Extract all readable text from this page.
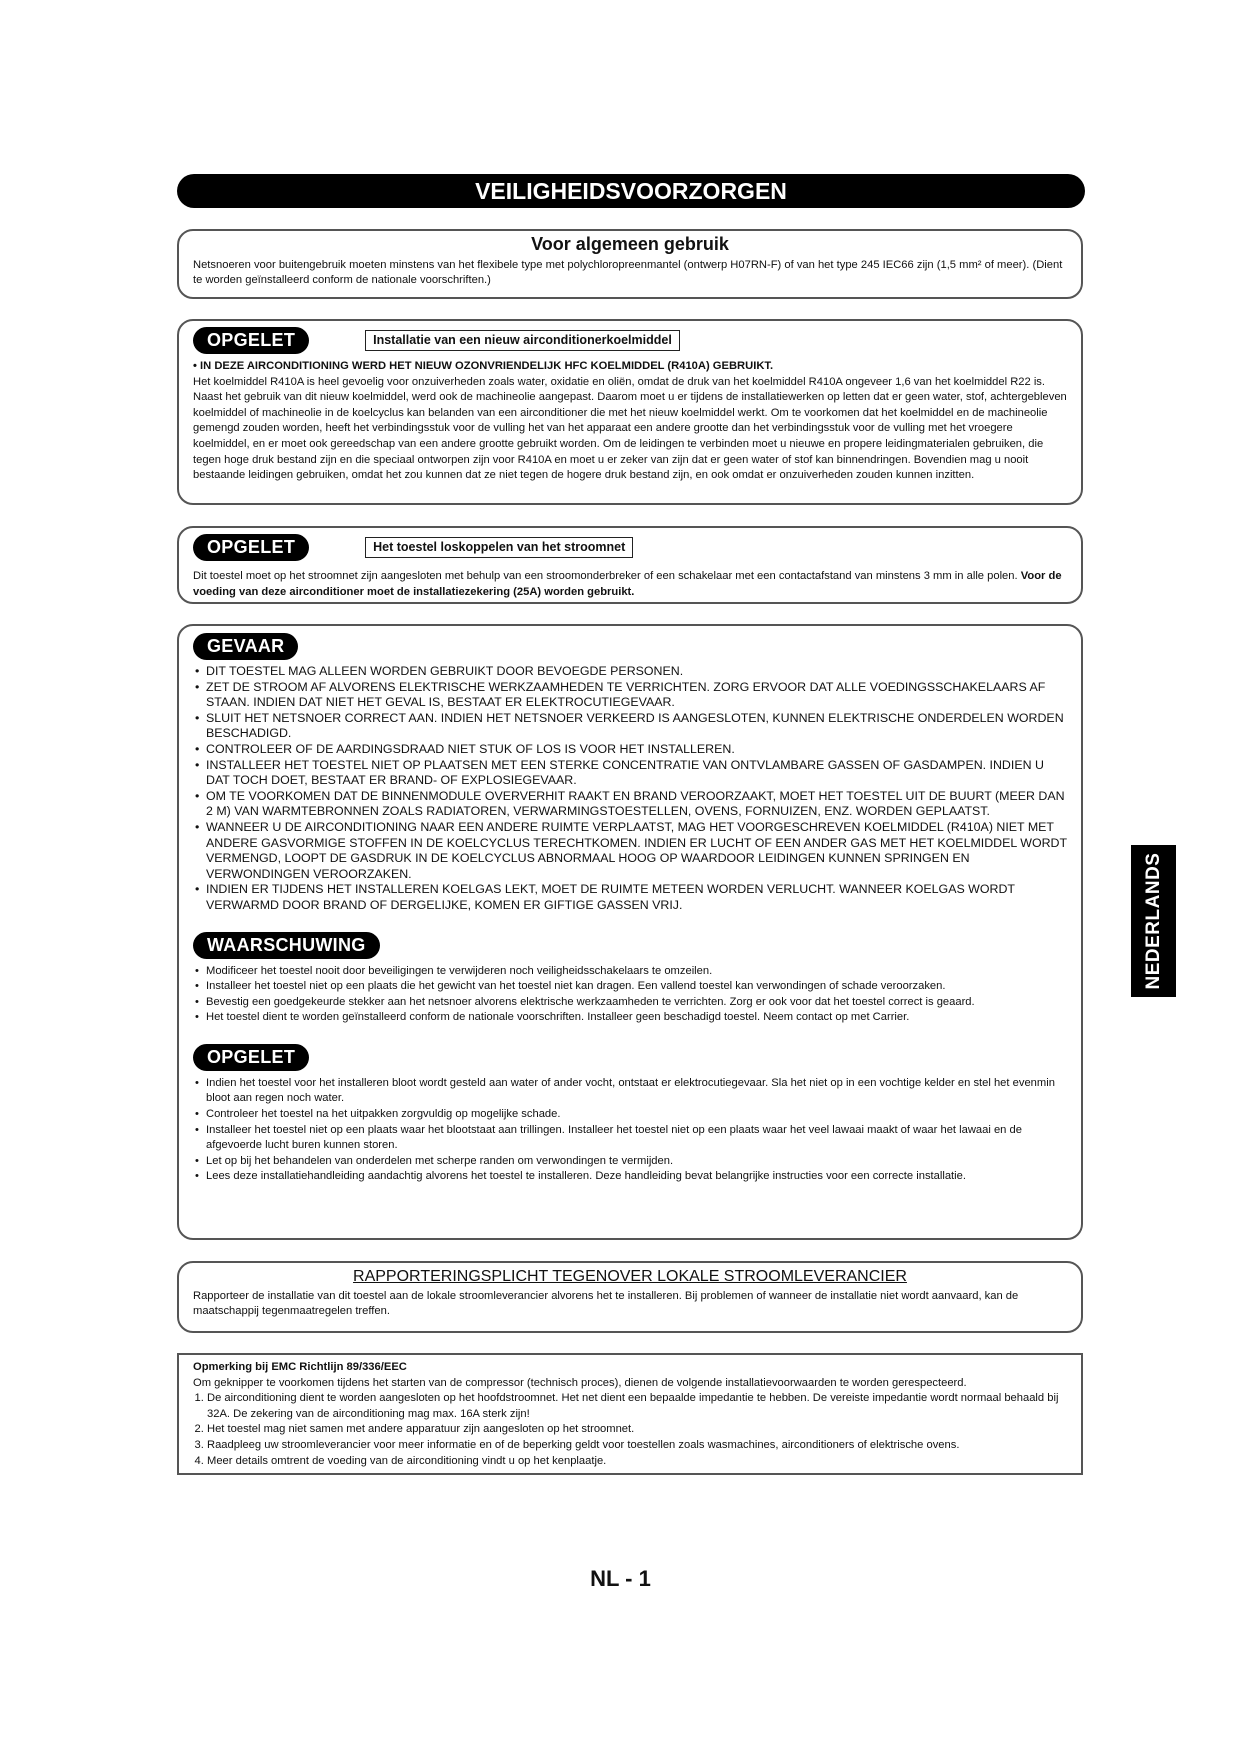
VEILIGHEIDSVOORZORGEN
Voor algemeen gebruik
Netsnoeren voor buitengebruik moeten minstens van het flexibele type met polychloropreenmantel (ontwerp H07RN-F) of van het type 245 IEC66 zijn (1,5 mm² of meer). (Dient te worden geïnstalleerd conform de nationale voorschriften.)
OPGELET	Installatie van een nieuw airconditionerkoelmiddel
• IN DEZE AIRCONDITIONING WERD HET NIEUW OZONVRIENDELIJK HFC KOELMIDDEL (R410A) GEBRUIKT.
Het koelmiddel R410A is heel gevoelig voor onzuiverheden zoals water, oxidatie en oliën, omdat de druk van het koelmiddel R410A ongeveer 1,6 van het koelmiddel R22 is. Naast het gebruik van dit nieuw koelmiddel, werd ook de machineolie aangepast. Daarom moet u er tijdens de installatiewerken op letten dat er geen water, stof, achtergebleven koelmiddel of machineolie in de koelcyclus kan belanden van een airconditioner die met het nieuw koelmiddel werkt. Om te voorkomen dat het koelmiddel en de machineolie gemengd zouden worden, heeft het verbindingsstuk voor de vulling het van het apparaat een andere grootte dan het verbindingsstuk voor de vulling met het vroegere koelmiddel, en er moet ook gereedschap van een andere grootte gebruikt worden. Om de leidingen te verbinden moet u nieuwe en propere leidingmaterialen gebruiken, die tegen hoge druk bestand zijn en die speciaal ontworpen zijn voor R410A en moet u er zeker van zijn dat er geen water of stof kan binnendringen. Bovendien mag u nooit bestaande leidingen gebruiken, omdat het zou kunnen dat ze niet tegen de hogere druk bestand zijn, en ook omdat er onzuiverheden zouden kunnen inzitten.
OPGELET	Het toestel loskoppelen van het stroomnet
Dit toestel moet op het stroomnet zijn aangesloten met behulp van een stroomonderbreker of een schakelaar met een contactafstand van minstens 3 mm in alle polen. Voor de voeding van deze airconditioner moet de installatiezekering (25A) worden gebruikt.
GEVAAR
• DIT TOESTEL MAG ALLEEN WORDEN GEBRUIKT DOOR BEVOEGDE PERSONEN.
• ZET DE STROOM AF ALVORENS ELEKTRISCHE WERKZAAMHEDEN TE VERRICHTEN. ZORG ERVOOR DAT ALLE VOEDINGSSCHAKELAARS AF STAAN. INDIEN DAT NIET HET GEVAL IS, BESTAAT ER ELEKTROCUTIEGEVAAR.
• SLUIT HET NETSNOER CORRECT AAN. INDIEN HET NETSNOER VERKEERD IS AANGESLOTEN, KUNNEN ELEKTRISCHE ONDERDELEN WORDEN BESCHADIGD.
• CONTROLEER OF DE AARDINGSDRAAD NIET STUK OF LOS IS VOOR HET INSTALLEREN.
• INSTALLEER HET TOESTEL NIET OP PLAATSEN MET EEN STERKE CONCENTRATIE VAN ONTVLAMBARE GASSEN OF GASDAMPEN. INDIEN U DAT TOCH DOET, BESTAAT ER BRAND- OF EXPLOSIEGEVAAR.
• OM TE VOORKOMEN DAT DE BINNENMODULE OVERVERHIT RAAKT EN BRAND VEROORZAAKT, MOET HET TOESTEL UIT DE BUURT (MEER DAN 2 M) VAN WARMTEBRONNEN ZOALS RADIATOREN, VERWARMINGSTOESTELLEN, OVENS, FORNUIZEN, ENZ. WORDEN GEPLAATST.
• WANNEER U DE AIRCONDITIONING NAAR EEN ANDERE RUIMTE VERPLAATST, MAG HET VOORGESCHREVEN KOELMIDDEL (R410A) NIET MET ANDERE GASVORMIGE STOFFEN IN DE KOELCYCLUS TERECHTKOMEN. INDIEN ER LUCHT OF EEN ANDER GAS MET HET KOELMIDDEL WORDT VERMENGD, LOOPT DE GASDRUK IN DE KOELCYCLUS ABNORMAAL HOOG OP WAARDOOR LEIDINGEN KUNNEN SPRINGEN EN VERWONDINGEN VEROORZAKEN.
• INDIEN ER TIJDENS HET INSTALLEREN KOELGAS LEKT, MOET DE RUIMTE METEEN WORDEN VERLUCHT. WANNEER KOELGAS WORDT VERWARMD DOOR BRAND OF DERGELIJKE, KOMEN ER GIFTIGE GASSEN VRIJ.
WAARSCHUWING
• Modificeer het toestel nooit door beveiligingen te verwijderen noch veiligheidsschakelaars te omzeilen.
• Installeer het toestel niet op een plaats die het gewicht van het toestel niet kan dragen. Een vallend toestel kan verwondingen of schade veroorzaken.
• Bevestig een goedgekeurde stekker aan het netsnoer alvorens elektrische werkzaamheden te verrichten. Zorg er ook voor dat het toestel correct is geaard.
• Het toestel dient te worden geïnstalleerd conform de nationale voorschriften. Installeer geen beschadigd toestel. Neem contact op met Carrier.
OPGELET
• Indien het toestel voor het installeren bloot wordt gesteld aan water of ander vocht, ontstaat er elektrocutiegevaar. Sla het niet op in een vochtige kelder en stel het evenmin bloot aan regen noch water.
• Controleer het toestel na het uitpakken zorgvuldig op mogelijke schade.
• Installeer het toestel niet op een plaats waar het blootstaat aan trillingen. Installeer het toestel niet op een plaats waar het veel lawaai maakt of waar het lawaai en de afgevoerde lucht buren kunnen storen.
• Let op bij het behandelen van onderdelen met scherpe randen om verwondingen te vermijden.
• Lees deze installatiehandleiding aandachtig alvorens het toestel te installeren. Deze handleiding bevat belangrijke instructies voor een correcte installatie.
RAPPORTERINGSPLICHT TEGENOVER LOKALE STROOMLEVERANCIER
Rapporteer de installatie van dit toestel aan de lokale stroomleverancier alvorens het te installeren. Bij problemen of wanneer de installatie niet wordt aanvaard, kan de maatschappij tegenmaatregelen treffen.
Opmerking bij EMC Richtlijn 89/336/EEC
Om geknipper te voorkomen tijdens het starten van de compressor (technisch proces), dienen de volgende installatievoorwaarden te worden gerespecteerd.
1. De airconditioning dient te worden aangesloten op het hoofdstroomnet. Het net dient een bepaalde impedantie te hebben. De vereiste impedantie wordt normaal behaald bij 32A. De zekering van de airconditioning mag max. 16A sterk zijn!
2. Het toestel mag niet samen met andere apparatuur zijn aangesloten op het stroomnet.
3. Raadpleeg uw stroomleverancier voor meer informatie en of de beperking geldt voor toestellen zoals wasmachines, airconditioners of elektrische ovens.
4. Meer details omtrent de voeding van de airconditioning vindt u op het kenplaatje.
NEDERLANDS
NL - 1
